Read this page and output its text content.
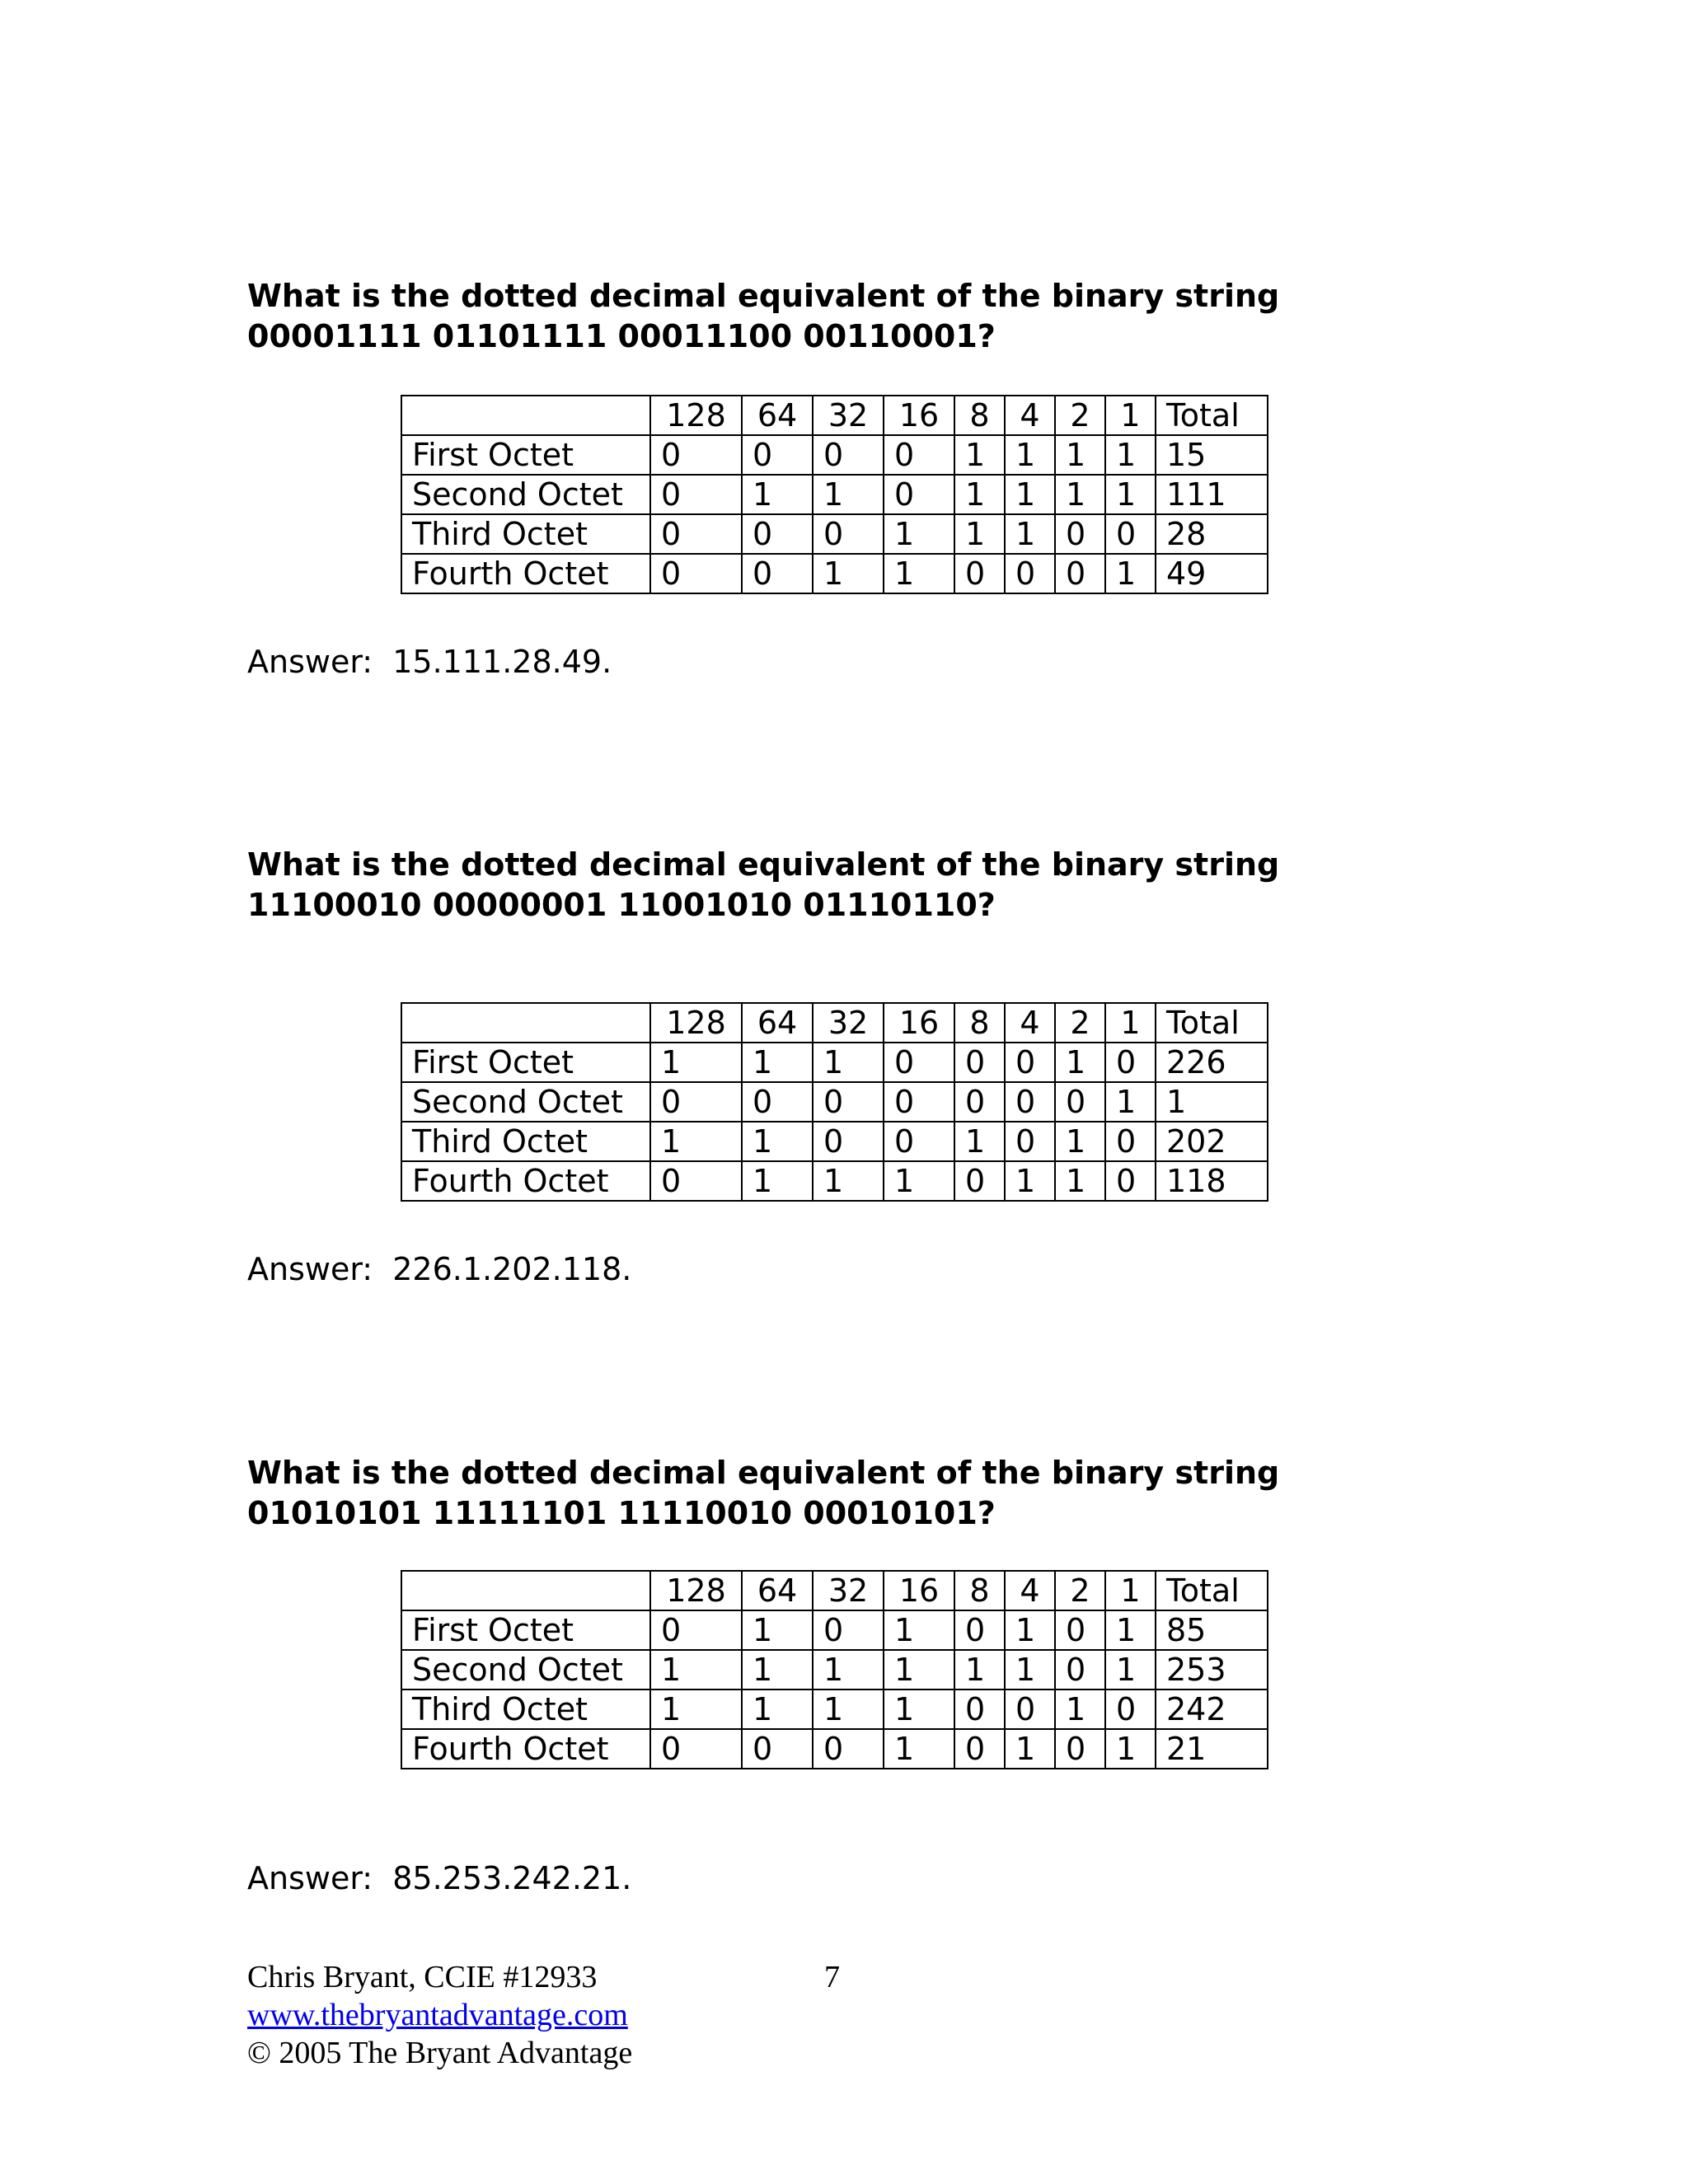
What is the dotted decimal equivalent of the binary string
00001111 01101111 00011100 00110001?
	128	64	32	16	8	4	2	1	Total
First Octet	0	0	0	0	1	1	1	1	15
Second Octet	0	1	1	0	1	1	1	1	111
Third Octet	0	0	0	1	1	1	0	0	28
Fourth Octet	0	0	1	1	0	0	0	1	49
Answer:  15.111.28.49.
What is the dotted decimal equivalent of the binary string
11100010 00000001 11001010 01110110?
	128	64	32	16	8	4	2	1	Total
First Octet	1	1	1	0	0	0	1	0	226
Second Octet	0	0	0	0	0	0	0	1	1
Third Octet	1	1	0	0	1	0	1	0	202
Fourth Octet	0	1	1	1	0	1	1	0	118
Answer:  226.1.202.118.
What is the dotted decimal equivalent of the binary string
01010101 11111101 11110010 00010101?
	128	64	32	16	8	4	2	1	Total
First Octet	0	1	0	1	0	1	0	1	85
Second Octet	1	1	1	1	1	1	0	1	253
Third Octet	1	1	1	1	0	0	1	0	242
Fourth Octet	0	0	0	1	0	1	0	1	21
Answer:  85.253.242.21.
Chris Bryant, CCIE #12933
www.thebryantadvantage.com
© 2005 The Bryant Advantage
7
